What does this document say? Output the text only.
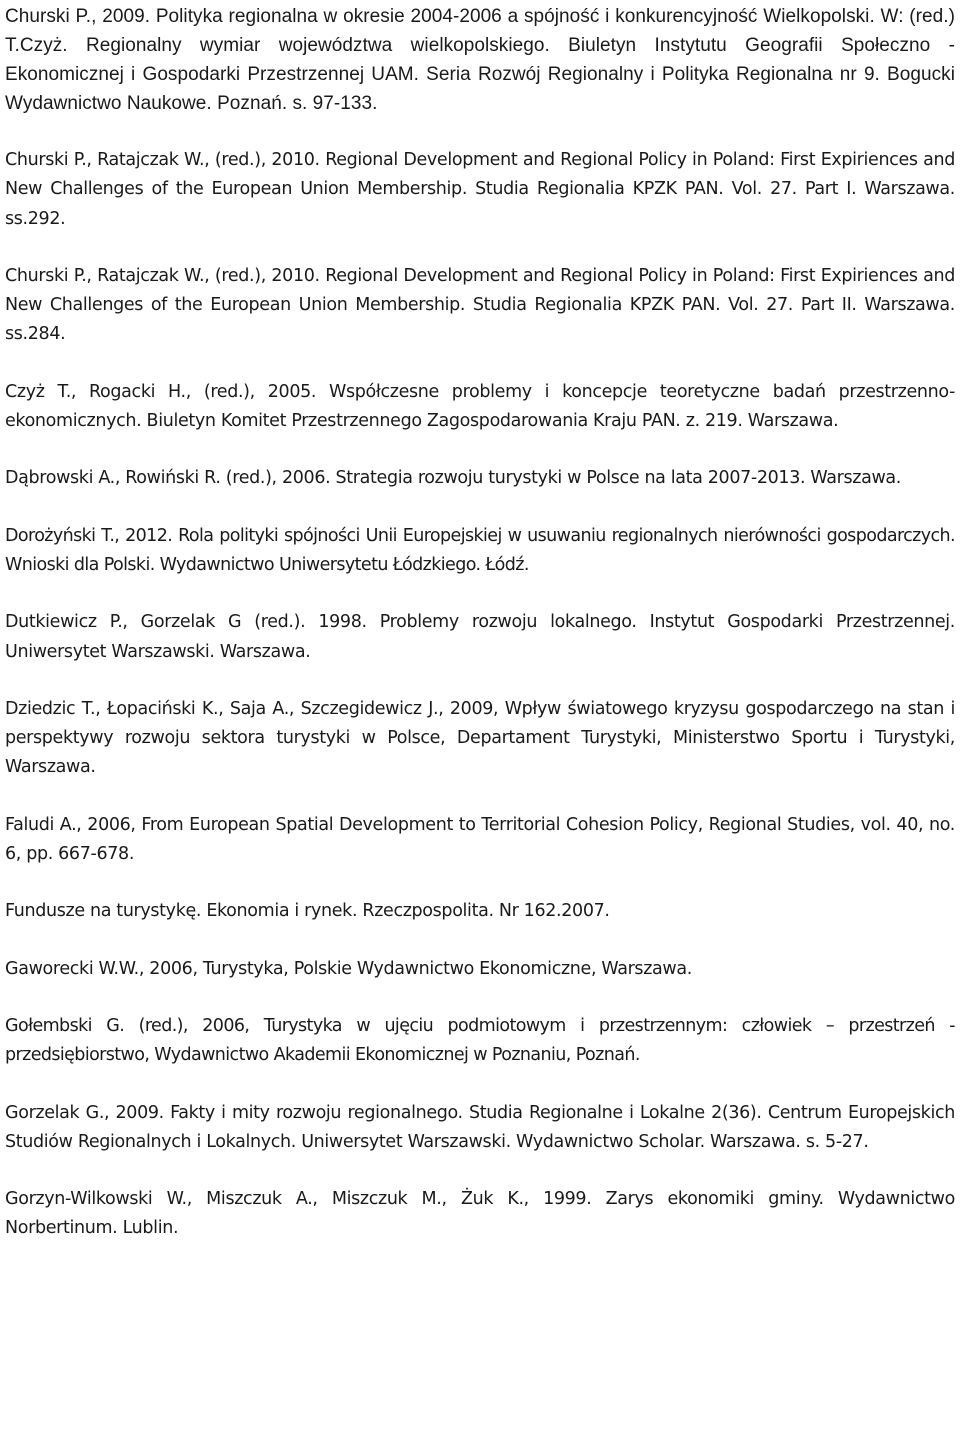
Churski P., 2009. Polityka regionalna w okresie 2004-2006 a spójność i konkurencyjność Wielkopolski. W: (red.) T.Czyż. Regionalny wymiar województwa wielkopolskiego. Biuletyn Instytutu Geografii Społeczno - Ekonomicznej i Gospodarki Przestrzennej UAM. Seria Rozwój Regionalny i Polityka Regionalna nr 9. Bogucki Wydawnictwo Naukowe. Poznań. s. 97-133.

Churski P., Ratajczak W., (red.), 2010. Regional Development and Regional Policy in Poland: First Expiriences and New Challenges of the European Union Membership. Studia Regionalia KPZK PAN. Vol. 27. Part I. Warszawa. ss.292.

Churski P., Ratajczak W., (red.), 2010. Regional Development and Regional Policy in Poland: First Expiriences and New Challenges of the European Union Membership. Studia Regionalia KPZK PAN. Vol. 27. Part II. Warszawa. ss.284.

Czyż T., Rogacki H., (red.), 2005. Współczesne problemy i koncepcje teoretyczne badań przestrzenno-ekonomicznych. Biuletyn Komitet Przestrzennego Zagospodarowania Kraju PAN. z. 219. Warszawa.

Dąbrowski A., Rowiński R. (red.), 2006. Strategia rozwoju turystyki w Polsce na lata 2007-2013. Warszawa.

Dorożyński T., 2012. Rola polityki spójności Unii Europejskiej w usuwaniu regionalnych nierówności gospodarczych. Wnioski dla Polski. Wydawnictwo Uniwersytetu Łódzkiego. Łódź.

Dutkiewicz P., Gorzelak G (red.). 1998. Problemy rozwoju lokalnego. Instytut Gospodarki Przestrzennej. Uniwersytet Warszawski. Warszawa.

Dziedzic T., Łopaciński K., Saja A., Szczegidewicz J., 2009, Wpływ światowego kryzysu gospodarczego na stan i perspektywy rozwoju sektora turystyki w Polsce, Departament Turystyki, Ministerstwo Sportu i Turystyki, Warszawa.

Faludi A., 2006, From European Spatial Development to Territorial Cohesion Policy, Regional Studies, vol. 40, no. 6, pp. 667-678.

Fundusze na turystykę. Ekonomia i rynek. Rzeczpospolita. Nr 162.2007.

Gaworecki W.W., 2006, Turystyka, Polskie Wydawnictwo Ekonomiczne, Warszawa.

Gołembski G. (red.), 2006, Turystyka w ujęciu podmiotowym i przestrzennym: człowiek – przestrzeń - przedsiębiorstwo, Wydawnictwo Akademii Ekonomicznej w Poznaniu, Poznań.

Gorzelak G., 2009. Fakty i mity rozwoju regionalnego. Studia Regionalne i Lokalne 2(36). Centrum Europejskich Studiów Regionalnych i Lokalnych. Uniwersytet Warszawski. Wydawnictwo Scholar. Warszawa. s. 5-27.

Gorzyn-Wilkowski W., Miszczuk A., Miszczuk M., Żuk K., 1999. Zarys ekonomiki gminy. Wydawnictwo Norbertinum. Lublin.
